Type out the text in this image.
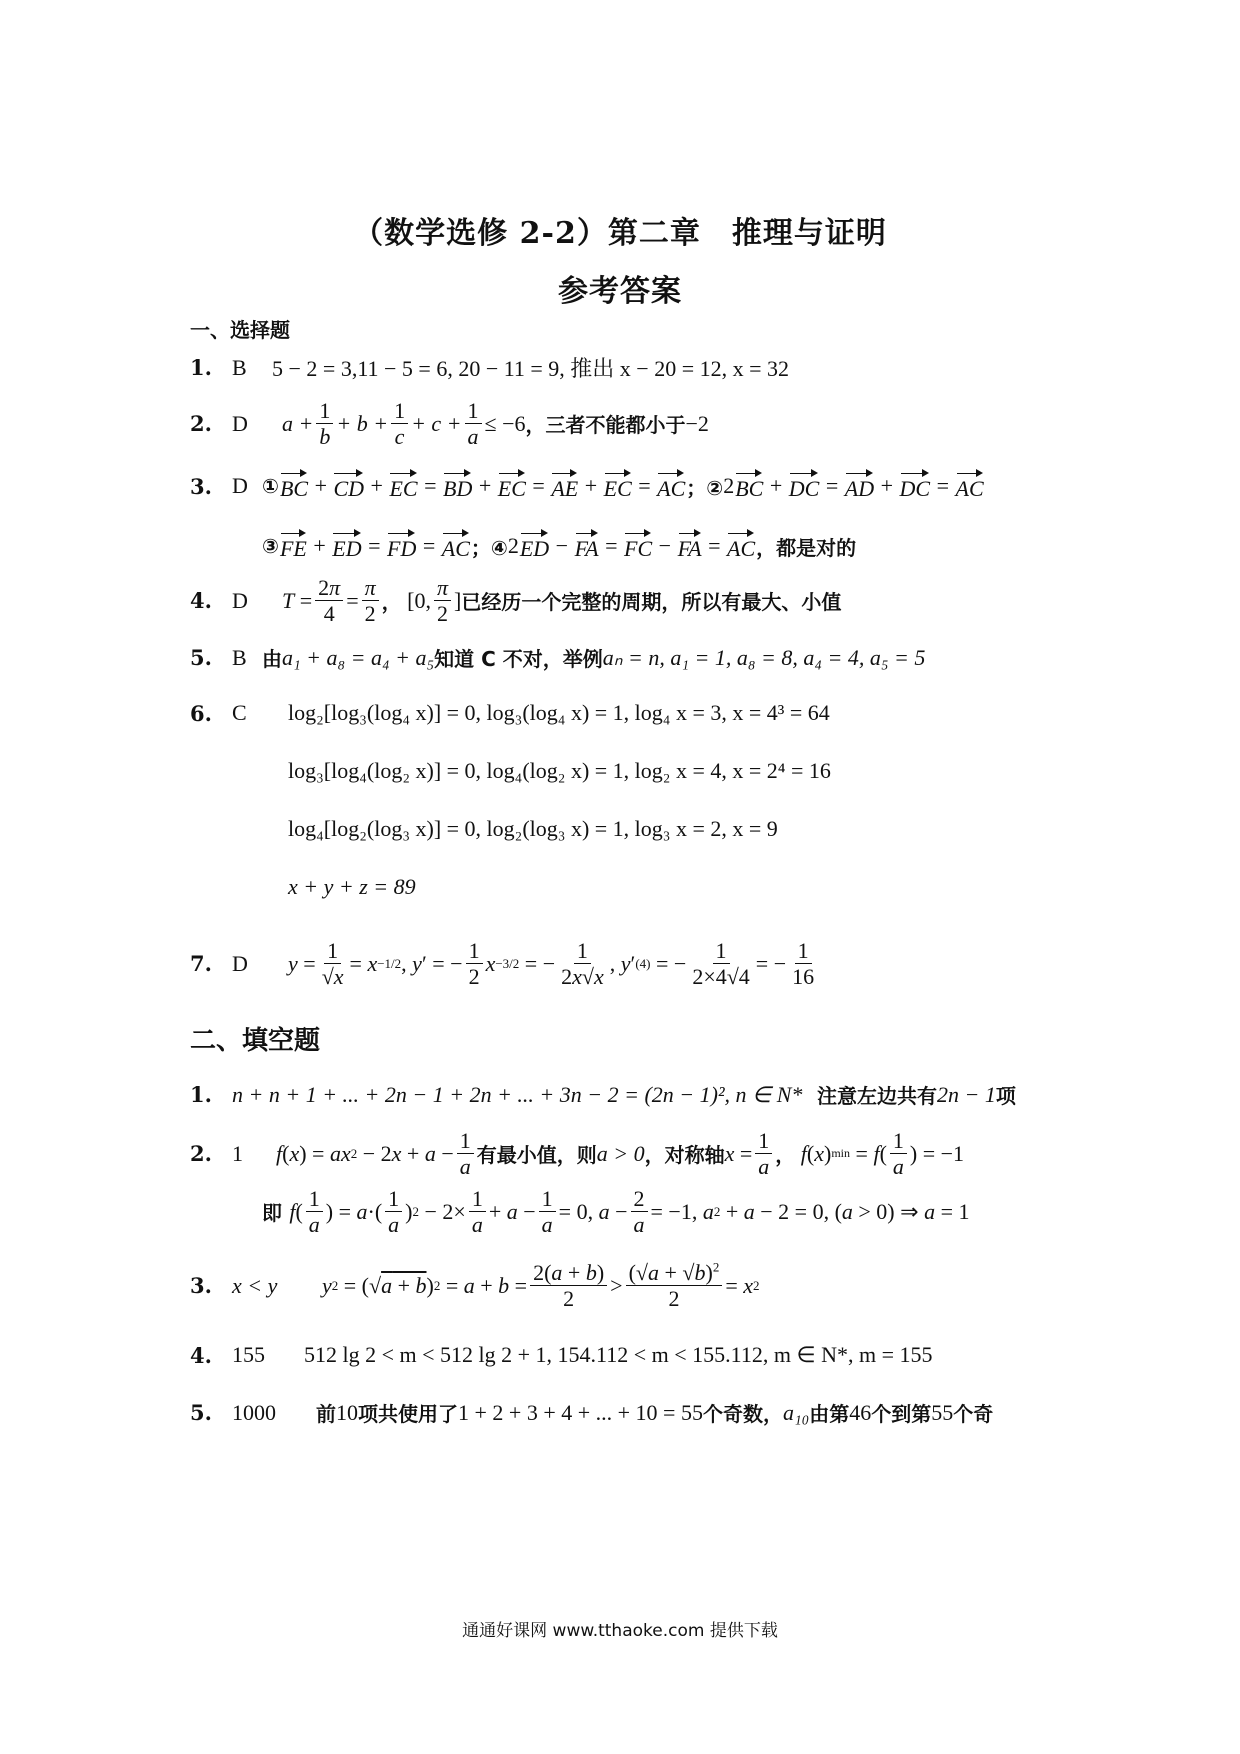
（数学选修 2-2）第二章　推理与证明
参考答案
一、选择题
1. B	5 − 2 = 3,11 − 5 = 6, 20 − 11 = 9, 推出 x − 20 = 12, x = 32
2. D	$a + \frac{1}{b} + b + \frac{1}{c} + c + \frac{1}{a} \le -6$ ，三者不能都小于 −2
3. D ① BC + CD + EC = BD + EC = AE + EC = AC ；② 2 BC + DC = AD + DC = AC
③ FE + ED = FD = AC ；④ 2 ED − FA = FC − FA = AC ，都是对的
4. D	$T = \frac{2\pi}{4} = \frac{\pi}{2}$ ， [0, $\frac{\pi}{2}$ ] 已经历一个完整的周期，所以有最大、小值
5. B 由 a₁ + a₈ = a₄ + a₅ 知道 C 不对，举例 aₙ = n, a₁ = 1, a₈ = 8, a₄ = 4, a₅ = 5
6. C	log₂[log₃(log₄ x)] = 0, log₃(log₄ x) = 1, log₄ x = 3, x = 4³ = 64
log₃[log₄(log₂ x)] = 0, log₄(log₂ x) = 1, log₂ x = 4, x = 2⁴ = 16
log₄[log₂(log₃ x)] = 0, log₂(log₃ x) = 1, log₃ x = 2, x = 9
x + y + z = 89
7. D	$y = \frac{1}{√x} = x -1/2$ , y ′ = − $\frac{1}{2}$ x −3/2 = − $\frac{1}{2x√x}$ , y ′ (4) = − $\frac{1}{2\times 4√4}$ = − $\frac{1}{16}$
二、填空题
1. n + n + 1 + ... + 2n − 1 + 2n + ... + 3n − 2 = (2n − 1)², n ∈ N*
注意左边共有 2n − 1 项
2. 1	f ( x ) = ax 2 − 2 $x + a - \frac{1}{a}$ 有最小值，则 a > 0 ，对称轴 $x = \frac{1}{a}$ ，
f ( x ) min = f ( $\frac{1}{a}$ ) = −1
即
f ( $\frac{1}{a}$ ) = a ·( $\frac{1}{a}$ ) $2 - 2\times \frac{1}{a} + a - \frac{1}{a} = 0$, $a - \frac{2}{a} = -1$, a 2 + a − 2 = 0, ( a > 0) ⇒ a = 1
3. x < y	y 2 = (√ a + b ) $2 = a + b = \frac{2(a + b)}{2} > \frac{(√a + √b)^2}{2} = x$ 2
4. 155	512 lg 2 < m < 512 lg 2 + 1, 154.112 < m < 155.112, m ∈ N*, m = 155
5. 1000	前 10 项共使用了 1 + 2 + 3 + 4 + ... + 10 = 55 个奇数， a₁₀ 由第 46 个到第 55 个奇
通通好课网 www.tthaoke.com 提供下载
